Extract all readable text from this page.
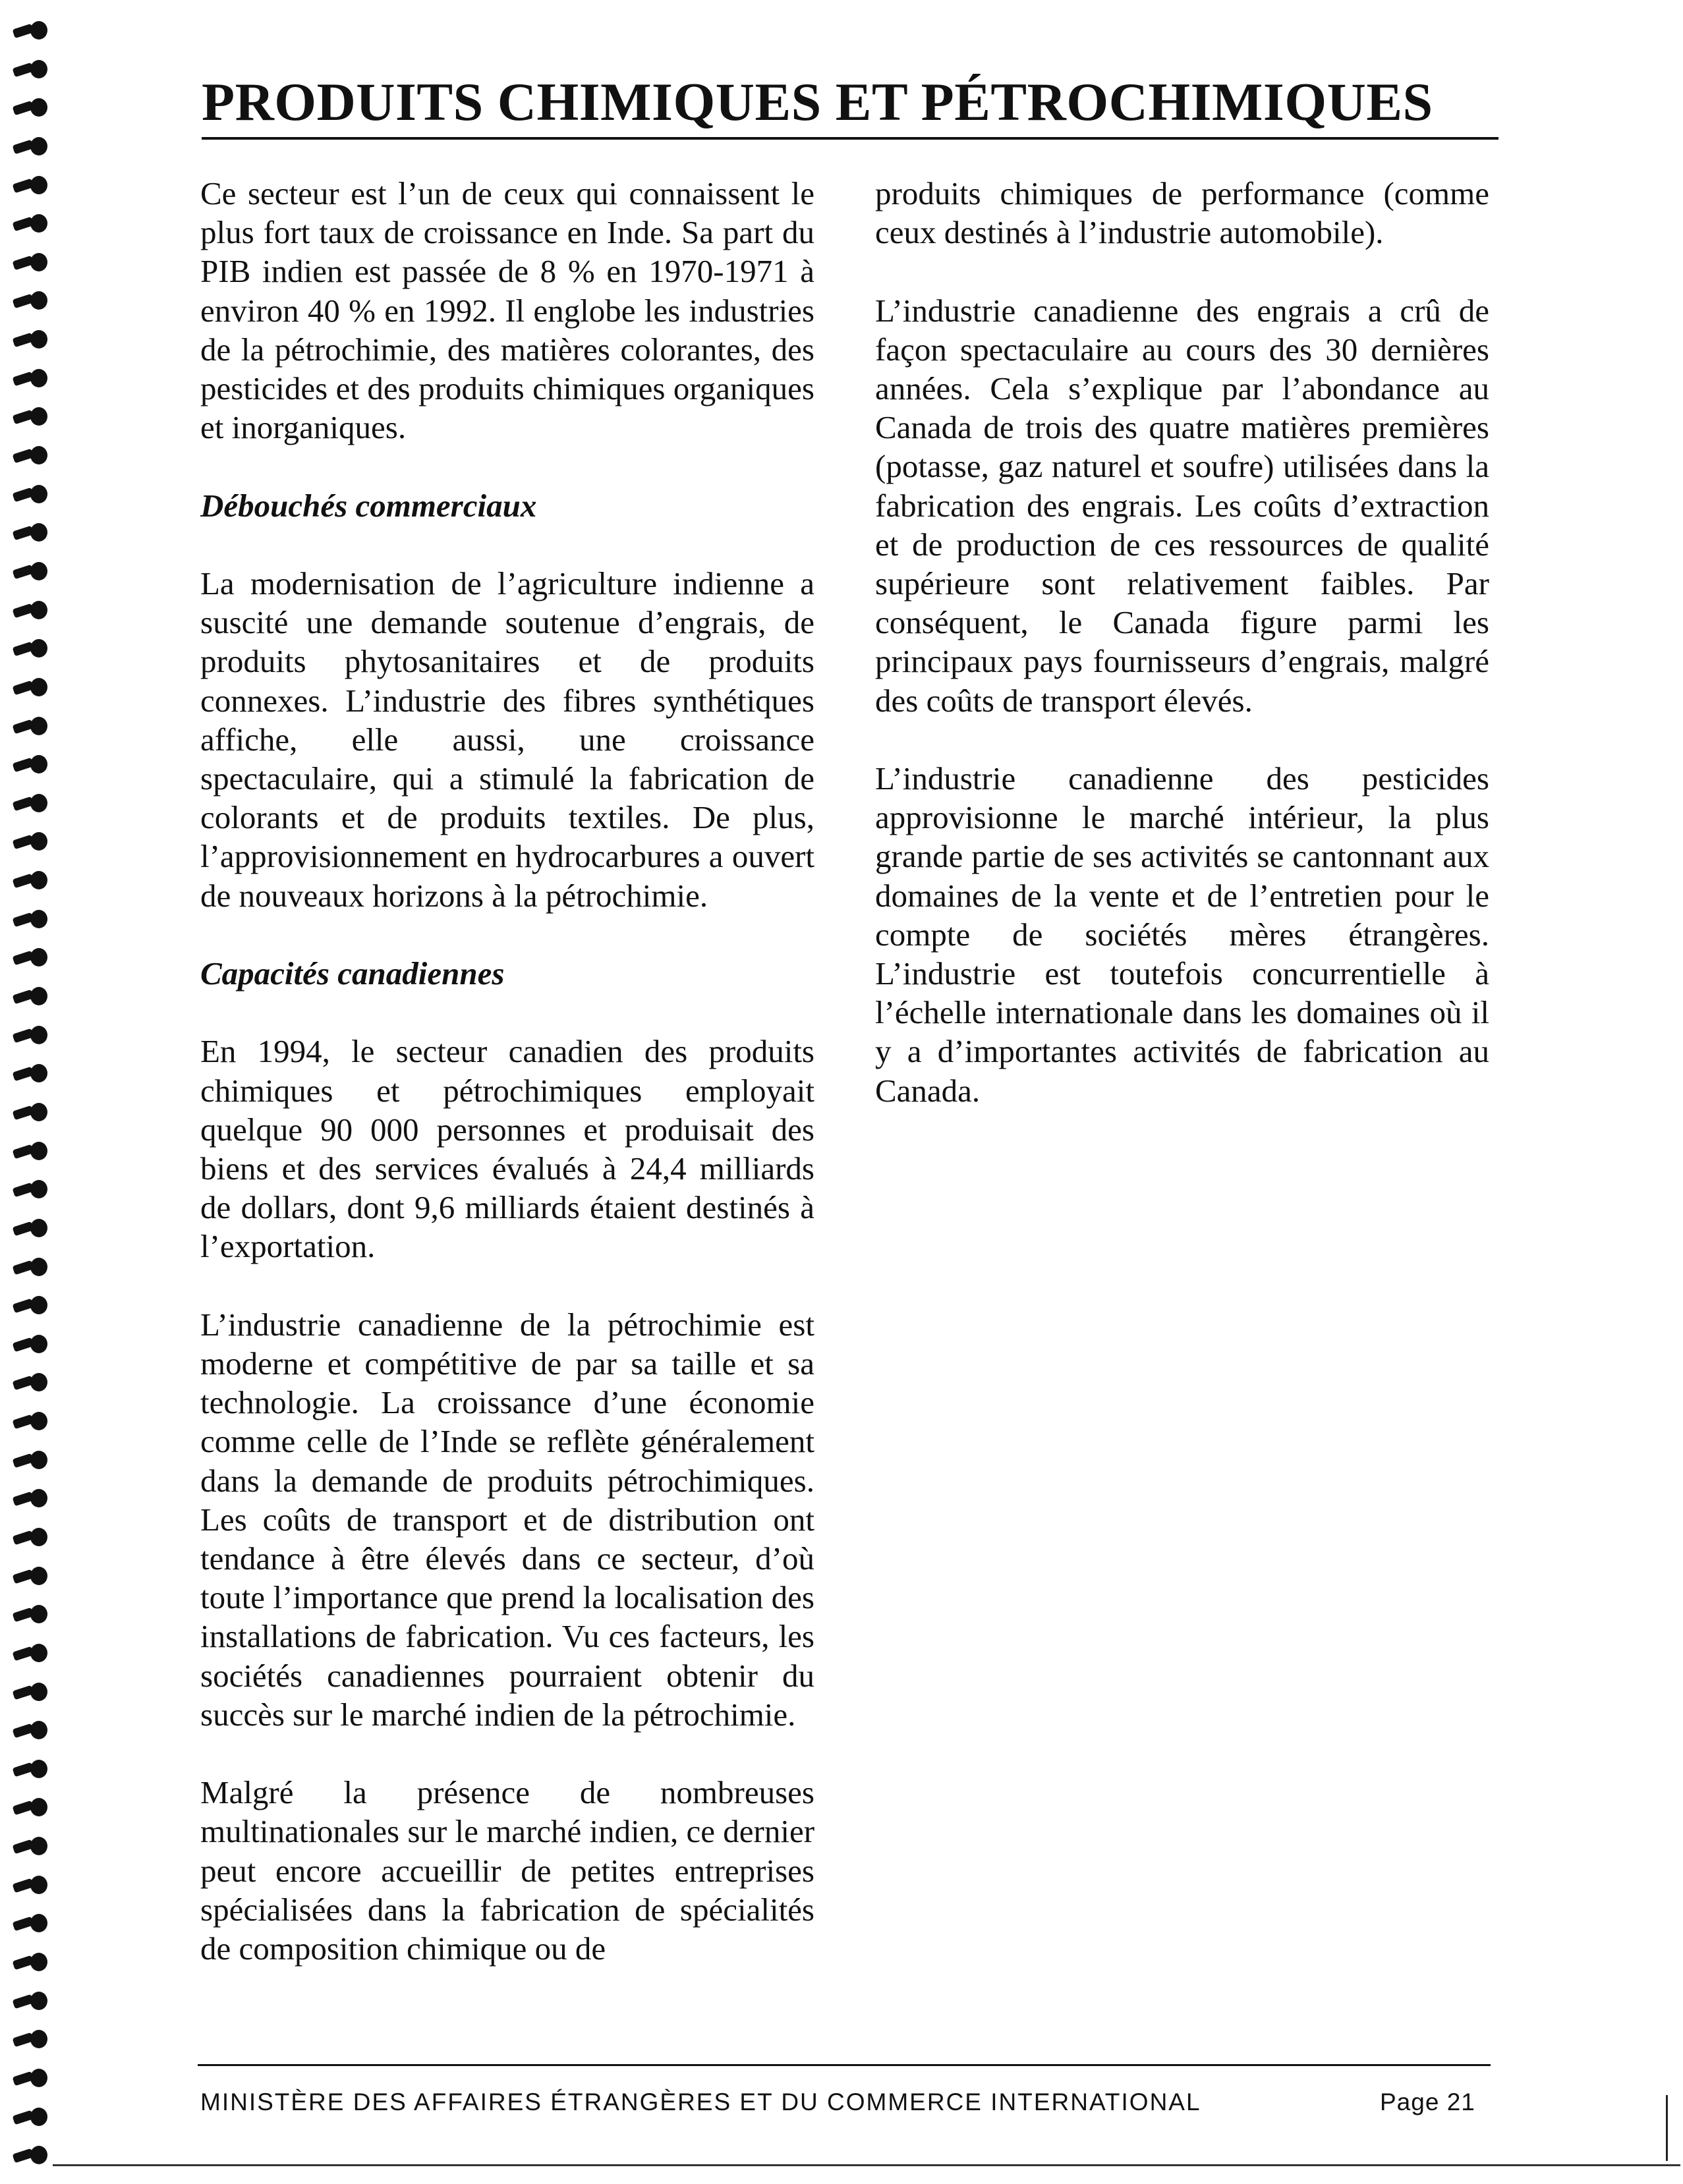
PRODUITS CHIMIQUES ET PÉTROCHIMIQUES

Ce secteur est l’un de ceux qui connaissent le plus fort taux de croissance en Inde. Sa part du PIB indien est passée de 8 % en 1970-1971 à environ 40 % en 1992. Il englobe les industries de la pétrochimie, des matières colorantes, des pesticides et des produits chimiques organiques et inorganiques.

Débouchés commerciaux

La modernisation de l’agriculture indienne a suscité une demande soutenue d’engrais, de produits phytosanitaires et de produits connexes. L’industrie des fibres synthétiques affiche, elle aussi, une croissance spectaculaire, qui a stimulé la fabrication de colorants et de produits textiles. De plus, l’approvisionnement en hydrocarbures a ouvert de nouveaux horizons à la pétrochimie.

Capacités canadiennes

En 1994, le secteur canadien des produits chimiques et pétrochimiques employait quelque 90 000 personnes et produisait des biens et des services évalués à 24,4 milliards de dollars, dont 9,6 milliards étaient destinés à l’exportation.

L’industrie canadienne de la pétrochimie est moderne et compétitive de par sa taille et sa technologie. La croissance d’une économie comme celle de l’Inde se reflète généralement dans la demande de produits pétrochimiques. Les coûts de transport et de distribution ont tendance à être élevés dans ce secteur, d’où toute l’importance que prend la localisation des installations de fabrication. Vu ces facteurs, les sociétés canadiennes pourraient obtenir du succès sur le marché indien de la pétrochimie.

Malgré la présence de nombreuses multinationales sur le marché indien, ce dernier peut encore accueillir de petites entreprises spécialisées dans la fabrication de spécialités de composition chimique ou de

produits chimiques de performance (comme ceux destinés à l’industrie automobile).

L’industrie canadienne des engrais a crû de façon spectaculaire au cours des 30 dernières années. Cela s’explique par l’abondance au Canada de trois des quatre matières premières (potasse, gaz naturel et soufre) utilisées dans la fabrication des engrais. Les coûts d’extraction et de production de ces ressources de qualité supérieure sont relativement faibles. Par conséquent, le Canada figure parmi les principaux pays fournisseurs d’engrais, malgré des coûts de transport élevés.

L’industrie canadienne des pesticides approvisionne le marché intérieur, la plus grande partie de ses activités se cantonnant aux domaines de la vente et de l’entretien pour le compte de sociétés mères étrangères. L’industrie est toutefois concurrentielle à l’échelle internationale dans les domaines où il y a d’importantes activités de fabrication au Canada.

MINISTÈRE DES AFFAIRES ÉTRANGÈRES ET DU COMMERCE INTERNATIONAL	Page 21
